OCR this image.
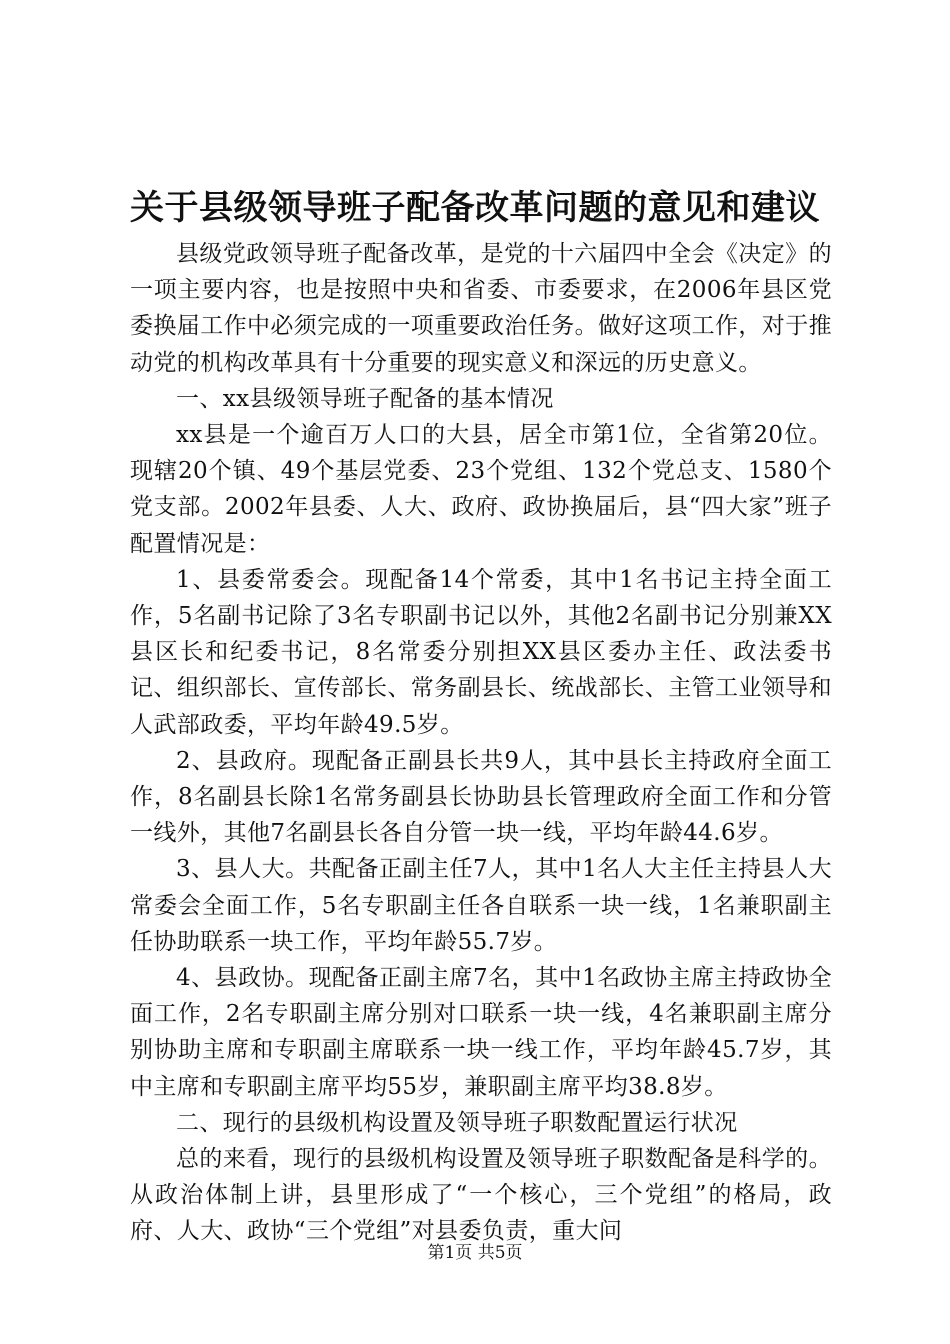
关于县级领导班子配备改革问题的意见和建议

县级党政领导班子配备改革，是党的十六届四中全会《决定》的一项主要内容，也是按照中央和省委、市委要求，在2006年县区党委换届工作中必须完成的一项重要政治任务。做好这项工作，对于推动党的机构改革具有十分重要的现实意义和深远的历史意义。

一、xx县级领导班子配备的基本情况

xx县是一个逾百万人口的大县，居全市第1位，全省第20位。现辖20个镇、49个基层党委、23个党组、132个党总支、1580个党支部。2002年县委、人大、政府、政协换届后，县“四大家”班子配置情况是：

1、县委常委会。现配备14个常委，其中1名书记主持全面工作，5名副书记除了3名专职副书记以外，其他2名副书记分别兼XX县区长和纪委书记，8名常委分别担XX县区委办主任、政法委书记、组织部长、宣传部长、常务副县长、统战部长、主管工业领导和人武部政委，平均年龄49.5岁。

2、县政府。现配备正副县长共9人，其中县长主持政府全面工作，8名副县长除1名常务副县长协助县长管理政府全面工作和分管一线外，其他7名副县长各自分管一块一线，平均年龄44.6岁。

3、县人大。共配备正副主任7人，其中1名人大主任主持县人大常委会全面工作，5名专职副主任各自联系一块一线，1名兼职副主任协助联系一块工作，平均年龄55.7岁。

4、县政协。现配备正副主席7名，其中1名政协主席主持政协全面工作，2名专职副主席分别对口联系一块一线，4名兼职副主席分别协助主席和专职副主席联系一块一线工作，平均年龄45.7岁，其中主席和专职副主席平均55岁，兼职副主席平均38.8岁。

二、现行的县级机构设置及领导班子职数配置运行状况

总的来看，现行的县级机构设置及领导班子职数配备是科学的。从政治体制上讲，县里形成了“一个核心，三个党组”的格局，政府、人大、政协“三个党组”对县委负责，重大问

第1页 共5页
